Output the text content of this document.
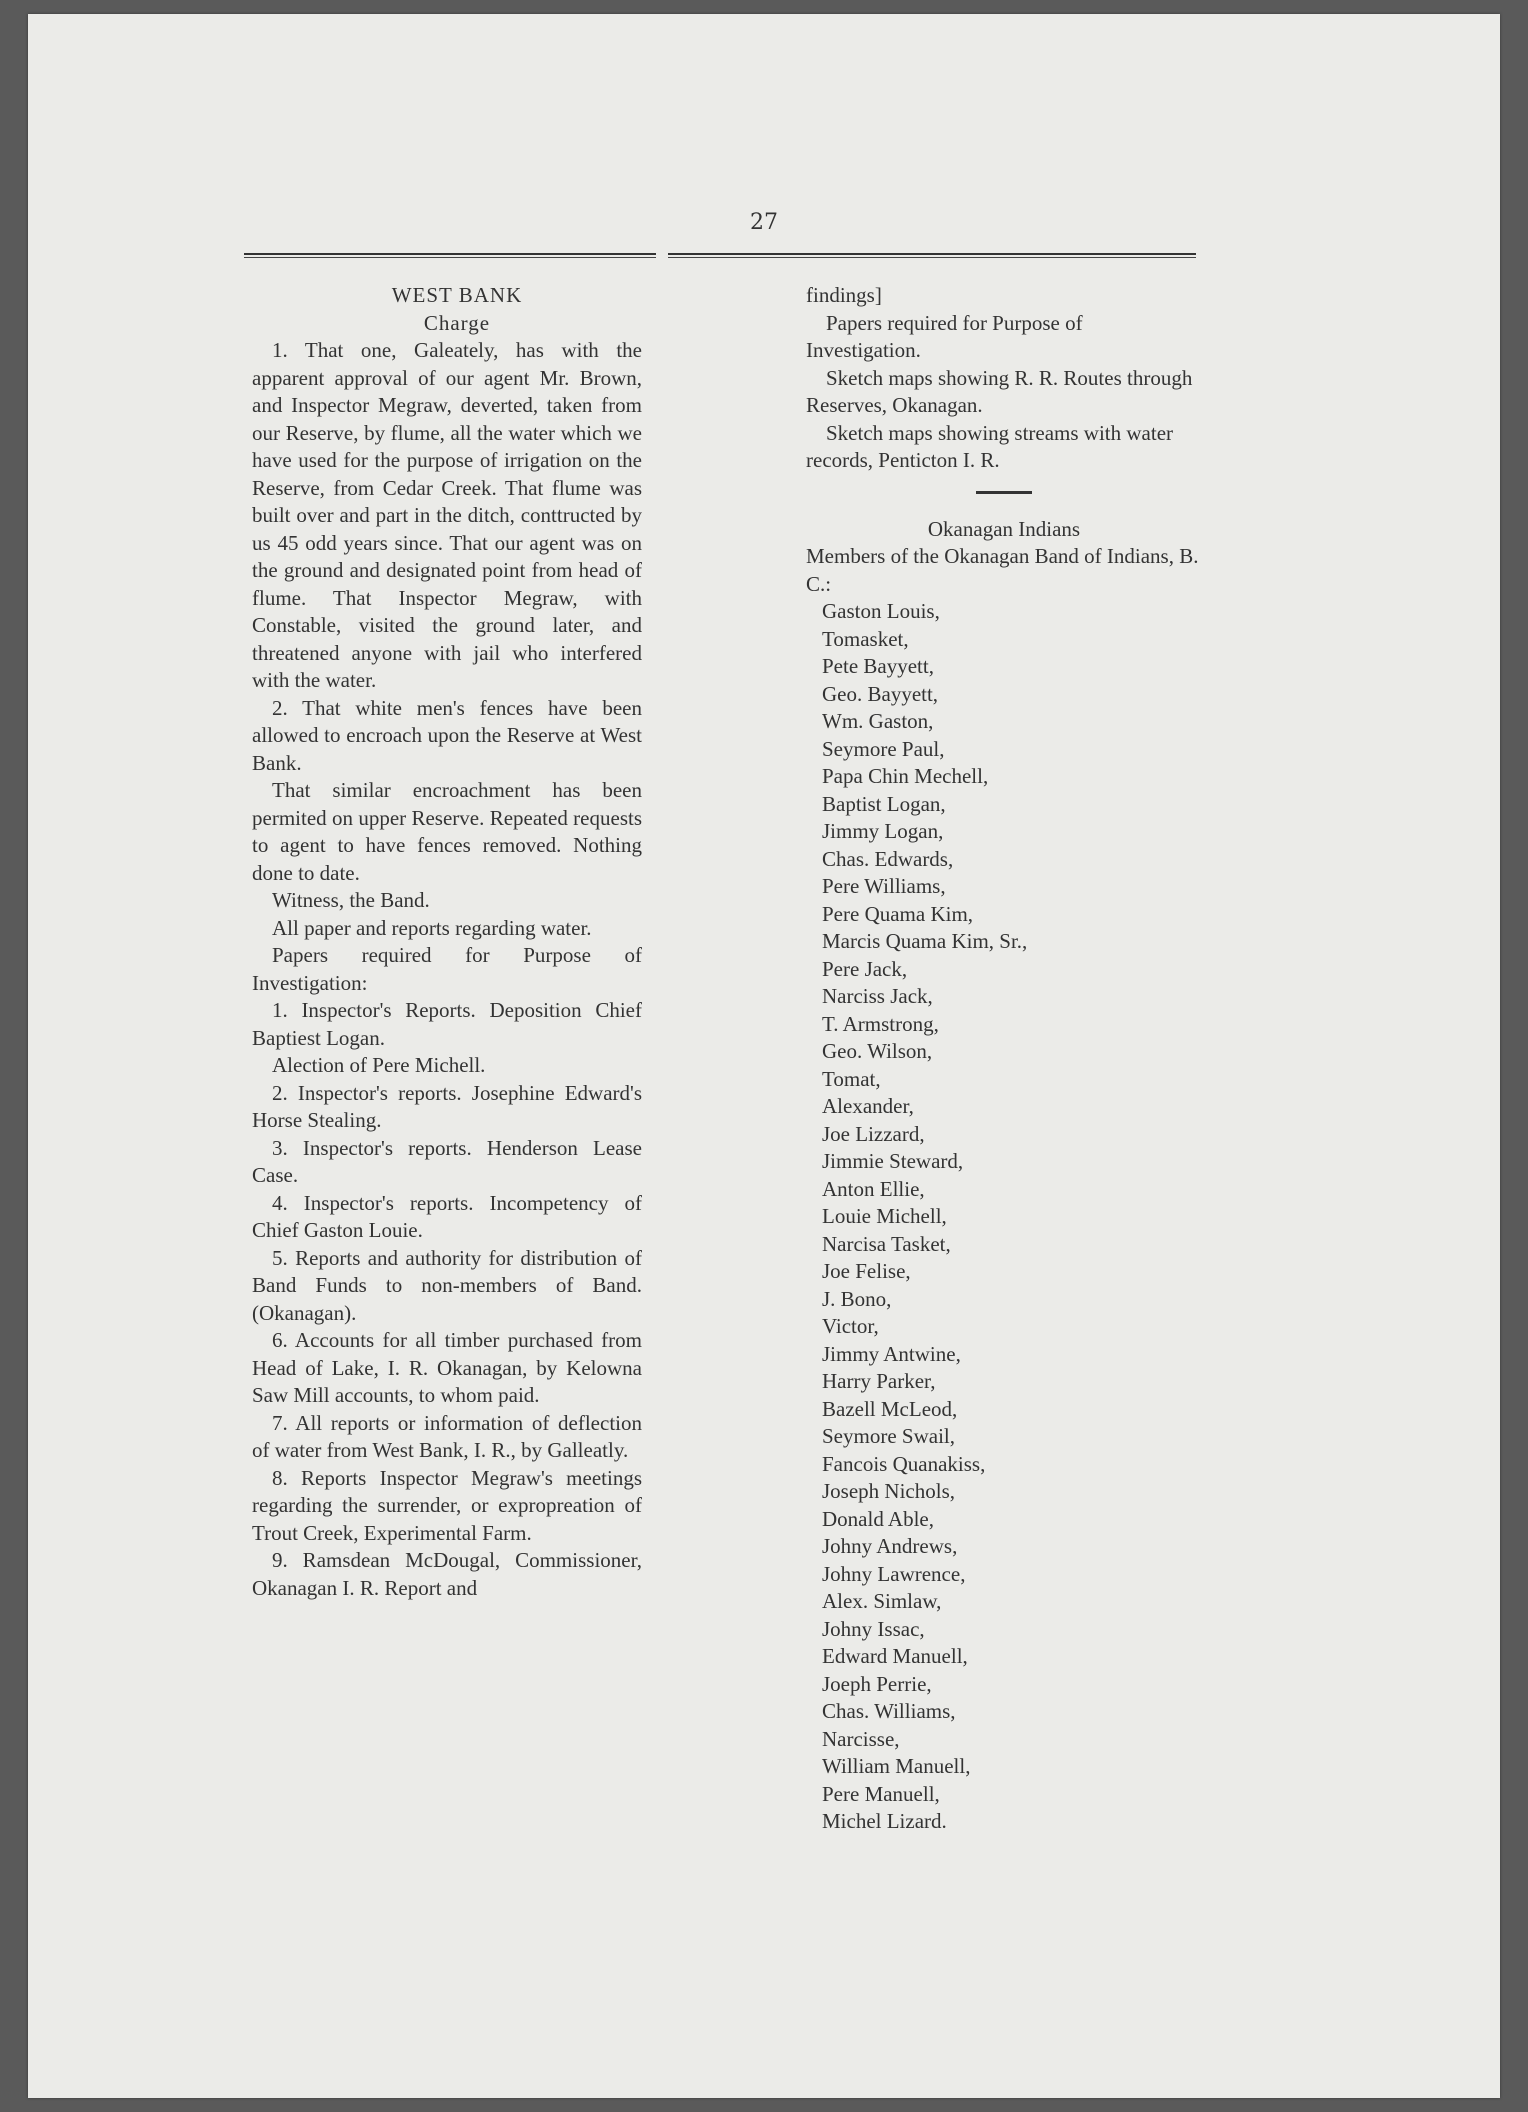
27

WEST BANK

Charge

1. That one, Galeately, has with the apparent approval of our agent Mr. Brown, and Inspector Megraw, deverted, taken from our Reserve, by flume, all the water which we have used for the purpose of irrigation on the Reserve, from Cedar Creek. That flume was built over and part in the ditch, conttructed by us 45 odd years since. That our agent was on the ground and designated point from head of flume. That Inspector Megraw, with Constable, visited the ground later, and threatened anyone with jail who interfered with the water.

2. That white men's fences have been allowed to encroach upon the Reserve at West Bank.

That similar encroachment has been permited on upper Reserve. Repeated requests to agent to have fences removed. Nothing done to date.

Witness, the Band.

All paper and reports regarding water.

Papers required for Purpose of Investigation:

1. Inspector's Reports. Deposition Chief Baptiest Logan.

Alection of Pere Michell.

2. Inspector's reports. Josephine Edward's Horse Stealing.

3. Inspector's reports. Henderson Lease Case.

4. Inspector's reports. Incompetency of Chief Gaston Louie.

5. Reports and authority for distribution of Band Funds to non-members of Band. (Okanagan).

6. Accounts for all timber purchased from Head of Lake, I. R. Okanagan, by Kelowna Saw Mill accounts, to whom paid.

7. All reports or information of deflection of water from West Bank, I. R., by Galleatly.

8. Reports Inspector Megraw's meetings regarding the surrender, or expropreation of Trout Creek, Experimental Farm.

9. Ramsdean McDougal, Commissioner, Okanagan I. R. Report and

findings]

Papers required for Purpose of Investigation.

Sketch maps showing R. R. Routes through Reserves, Okanagan.

Sketch maps showing streams with water records, Penticton I. R.

Okanagan Indians

Members of the Okanagan Band of Indians, B. C.:

Gaston Louis,
Tomasket,
Pete Bayyett,
Geo. Bayyett,
Wm. Gaston,
Seymore Paul,
Papa Chin Mechell,
Baptist Logan,
Jimmy Logan,
Chas. Edwards,
Pere Williams,
Pere Quama Kim,
Marcis Quama Kim, Sr.,
Pere Jack,
Narciss Jack,
T. Armstrong,
Geo. Wilson,
Tomat,
Alexander,
Joe Lizzard,
Jimmie Steward,
Anton Ellie,
Louie Michell,
Narcisa Tasket,
Joe Felise,
J. Bono,
Victor,
Jimmy Antwine,
Harry Parker,
Bazell McLeod,
Seymore Swail,
Fancois Quanakiss,
Joseph Nichols,
Donald Able,
Johny Andrews,
Johny Lawrence,
Alex. Simlaw,
Johny Issac,
Edward Manuell,
Joeph Perrie,
Chas. Williams,
Narcisse,
William Manuell,
Pere Manuell,
Michel Lizard.
